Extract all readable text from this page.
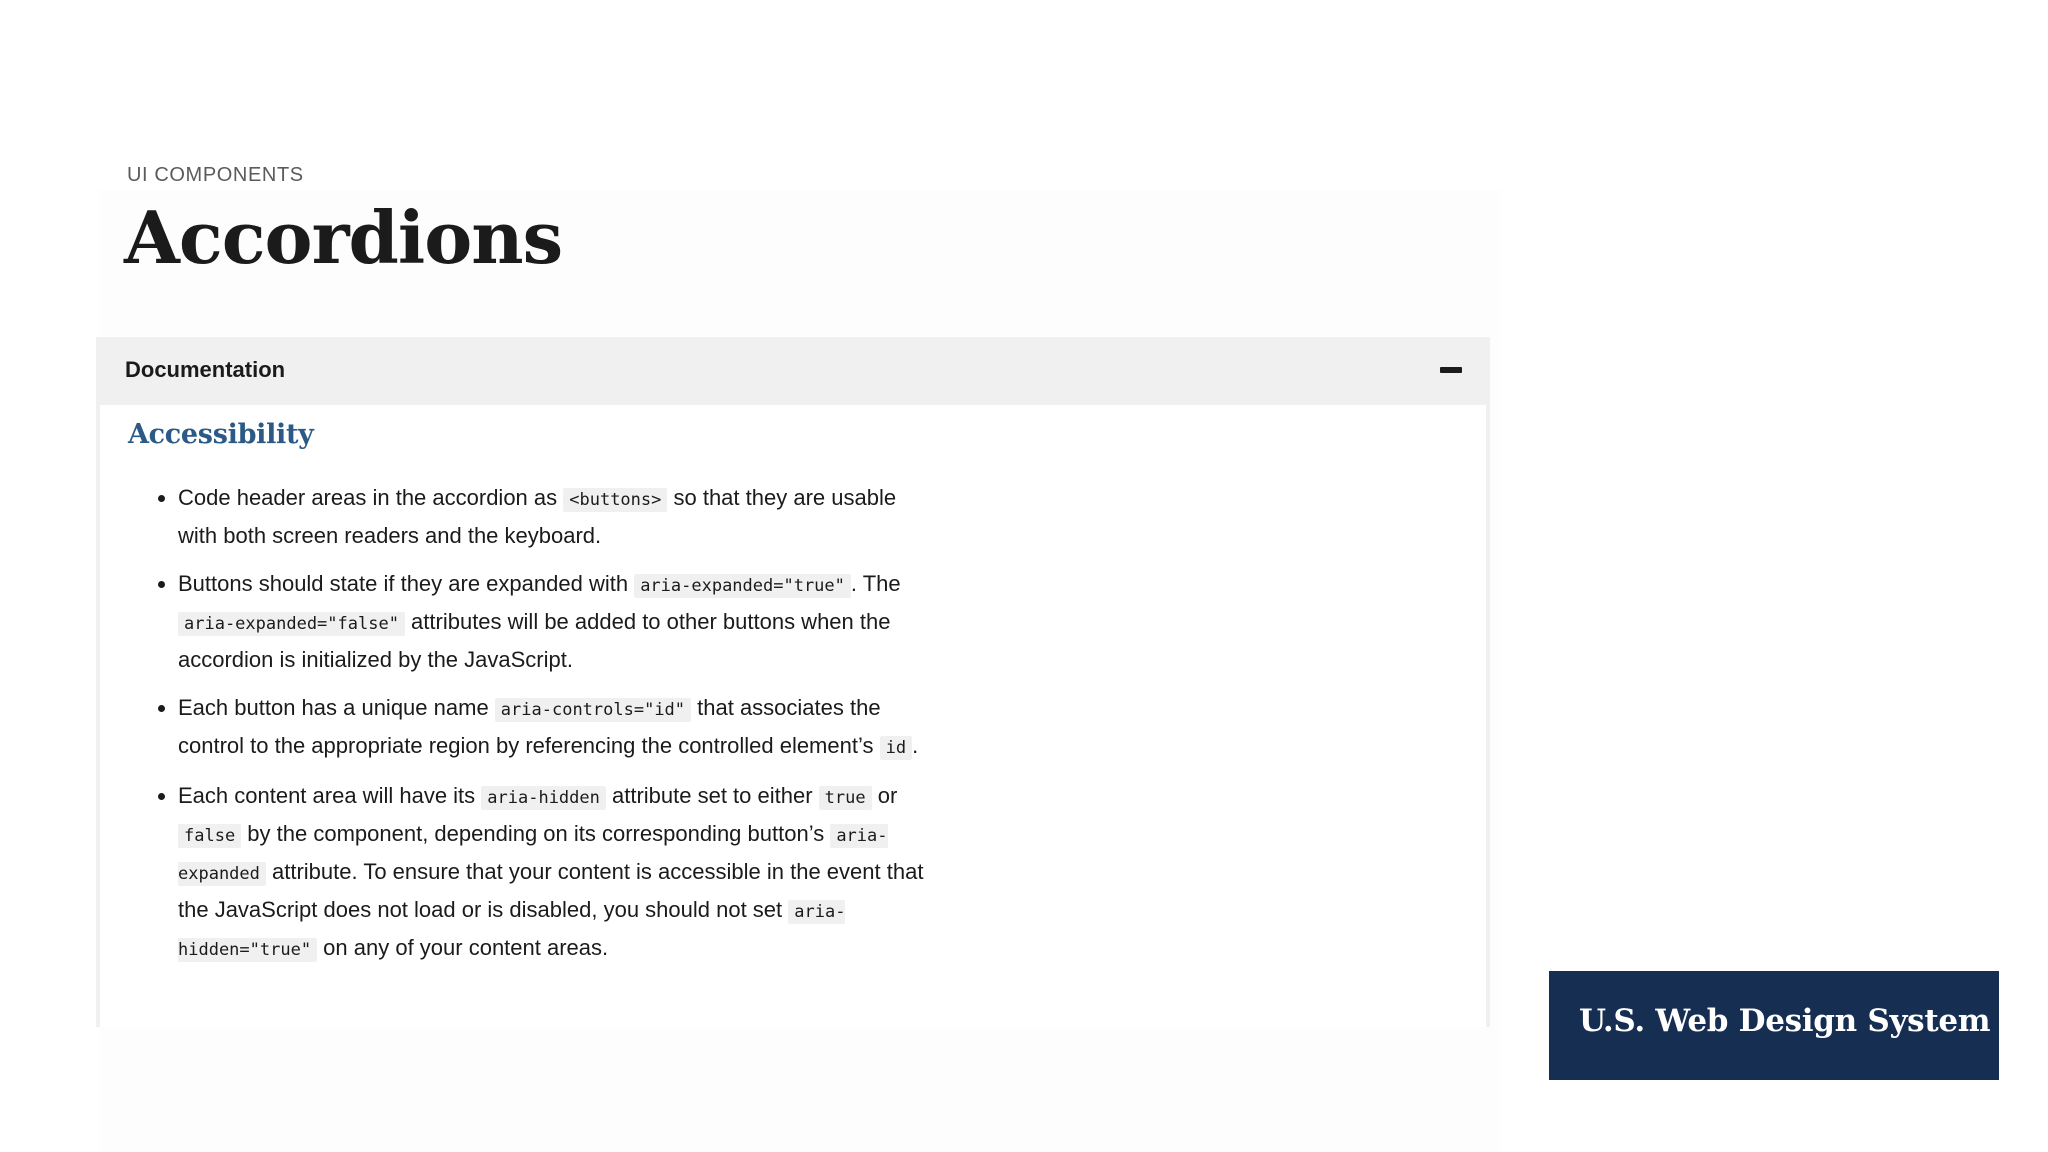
UI COMPONENTS
Accordions
Documentation
Accessibility
• Code header areas in the accordion as <buttons> so that they are usable with both screen readers and the keyboard.
• Buttons should state if they are expanded with aria-expanded="true" . The aria-expanded="false" attributes will be added to other buttons when the accordion is initialized by the JavaScript.
• Each button has a unique name aria-controls="id" that associates the control to the appropriate region by referencing the controlled element’s id .
• Each content area will have its aria-hidden attribute set to either true or false by the component, depending on its corresponding button’s aria-expanded attribute. To ensure that your content is accessible in the event that the JavaScript does not load or is disabled, you should not set aria-hidden="true" on any of your content areas.
U.S. Web Design System
